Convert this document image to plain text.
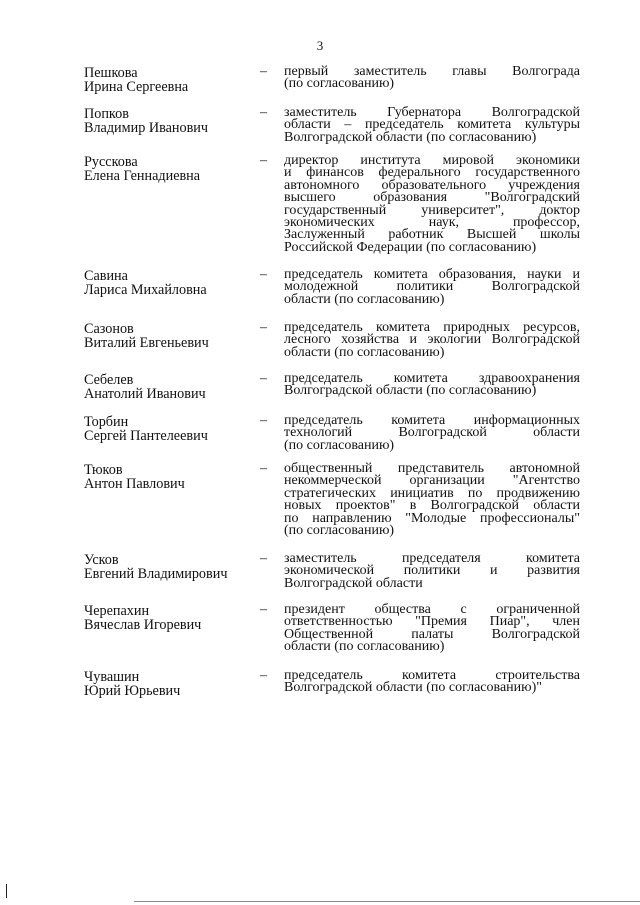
3
Пешкова
Ирина Сергеевна
– первый заместитель главы Волгограда
(по согласованию)
Попков
Владимир Иванович
– заместитель Губернатора Волгоградской
области – председатель комитета культуры
Волгоградской области (по согласованию)
Русскова
Елена Геннадиевна
– директор института мировой экономики
и финансов федерального государственного
автономного образовательного учреждения
высшего образования "Волгоградский
государственный университет", доктор
экономических наук, профессор,
Заслуженный работник Высшей школы
Российской Федерации (по согласованию)
Савина
Лариса Михайловна
– председатель комитета образования, науки и
молодежной политики Волгоградской
области (по согласованию)
Сазонов
Виталий Евгеньевич
– председатель комитета природных ресурсов,
лесного хозяйства и экологии Волгоградской
области (по согласованию)
Себелев
Анатолий Иванович
– председатель комитета здравоохранения
Волгоградской области (по согласованию)
Торбин
Сергей Пантелеевич
– председатель комитета информационных
технологий Волгоградской области
(по согласованию)
Тюков
Антон Павлович
– общественный представитель автономной
некоммерческой организации "Агентство
стратегических инициатив по продвижению
новых проектов" в Волгоградской области
по направлению "Молодые профессионалы"
(по согласованию)
Усков
Евгений Владимирович
– заместитель председателя комитета
экономической политики и развития
Волгоградской области
Черепахин
Вячеслав Игоревич
– президент общества с ограниченной
ответственностью "Премия Пиар", член
Общественной палаты Волгоградской
области (по согласованию)
Чувашин
Юрий Юрьевич
– председатель комитета строительства
Волгоградской области (по согласованию)"
